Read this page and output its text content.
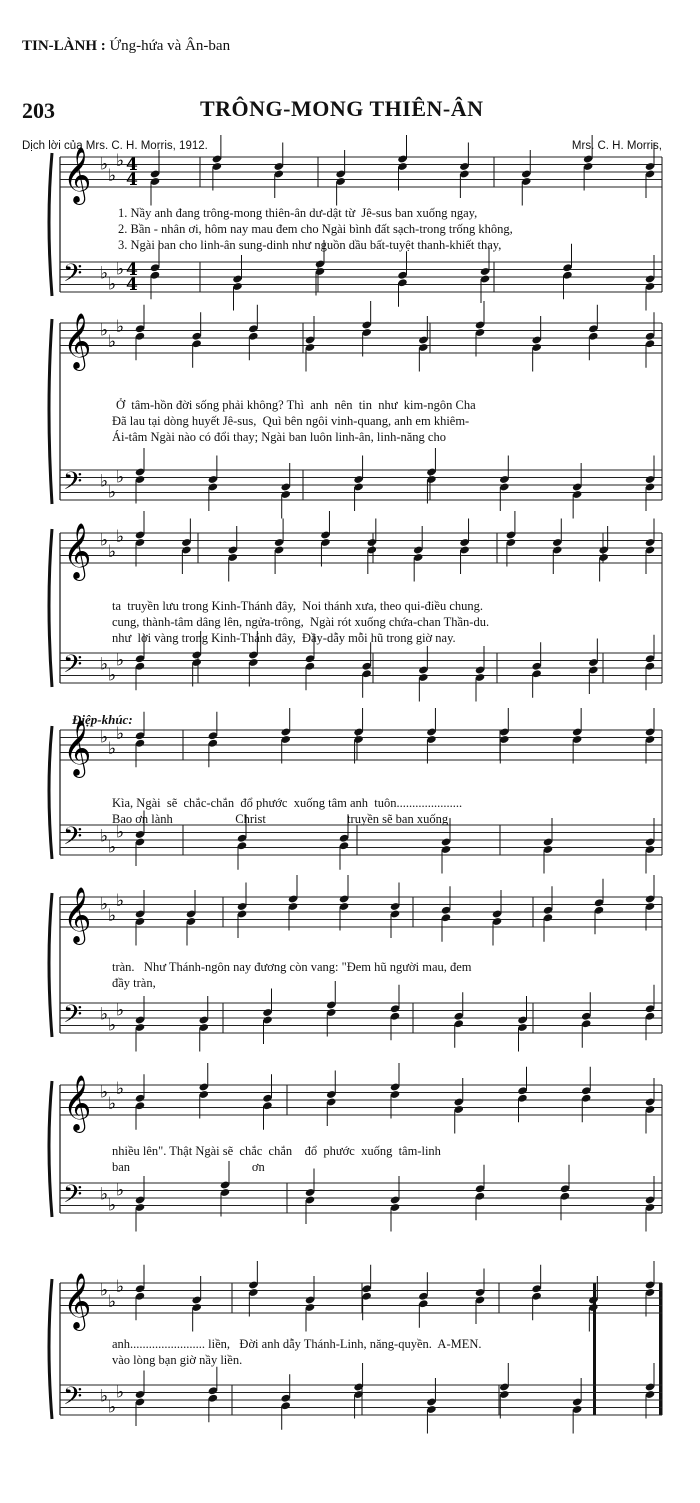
TIN-LÀNH : Ứng-hứa và Ân-ban
203	TRÔNG-MONG THIÊN-ÂN
Dịch lời của Mrs. C. H. Morris, 1912.	Mrs. C. H. Morris,
Điệp-khúc:
𝄞 ♭
♭
♭ 4
4
𝄢 ♭
♭
♭ 4
4
𝄞 ♭
♭
♭
𝄢 ♭
♭
♭
𝄞 ♭
♭
♭
𝄢 ♭
♭
♭
𝄞 ♭
♭
♭
𝄢 ♭
♭
♭
𝄞 ♭
♭
♭
𝄢 ♭
♭
♭
𝄞 ♭
♭
♭
𝄢 ♭
♭
♭
𝄞 ♭
♭
♭
𝄢 ♭
♭
♭
1. Nầy anh đang trông-mong thiên-ân dư-dật từ  Jê-sus ban xuống ngay,
2. Bần - nhân ơi, hôm nay mau đem cho Ngài bình đất sạch-trong trống không,
3. Ngài ban cho linh-ân sung-dinh như nguồn dầu bất-tuyệt thanh-khiết thay,
Ở  tâm-hồn đời sống phải không? Thì  anh  nên  tin  như  kim-ngôn Cha
Đã lau tại dòng huyết Jê-sus,  Quì bên ngôi vinh-quang, anh em khiêm-
Ái-tâm Ngài nào có đổi thay; Ngài ban luôn linh-ân, linh-năng cho
ta  truyền lưu trong Kinh-Thánh đây,  Noi thánh xưa, theo qui-điều chung.
cung, thành-tâm dâng lên, ngửa-trông,  Ngài rót xuống chứa-chan Thần-du.
như  lời vàng trong Kinh-Thánh đây,  Đầy-dẫy mỗi hũ trong giờ nay.
Kìa, Ngài  sẽ  chắc-chắn  đổ phước  xuống tâm anh  tuôn.....................
Bao ơn lành                    Christ                          truyền sẽ ban xuống
tràn.   Như Thánh-ngôn nay đương còn vang: "Đem hũ người mau, đem
đầy tràn,
nhiều lên". Thật Ngài sẽ  chắc  chắn    đổ  phước  xuống  tâm-linh
ban                                       ơn
anh........................ liền,   Đời anh dẫy Thánh-Linh, năng-quyền.  A-MEN.
vào lòng bạn giờ nầy liền.
